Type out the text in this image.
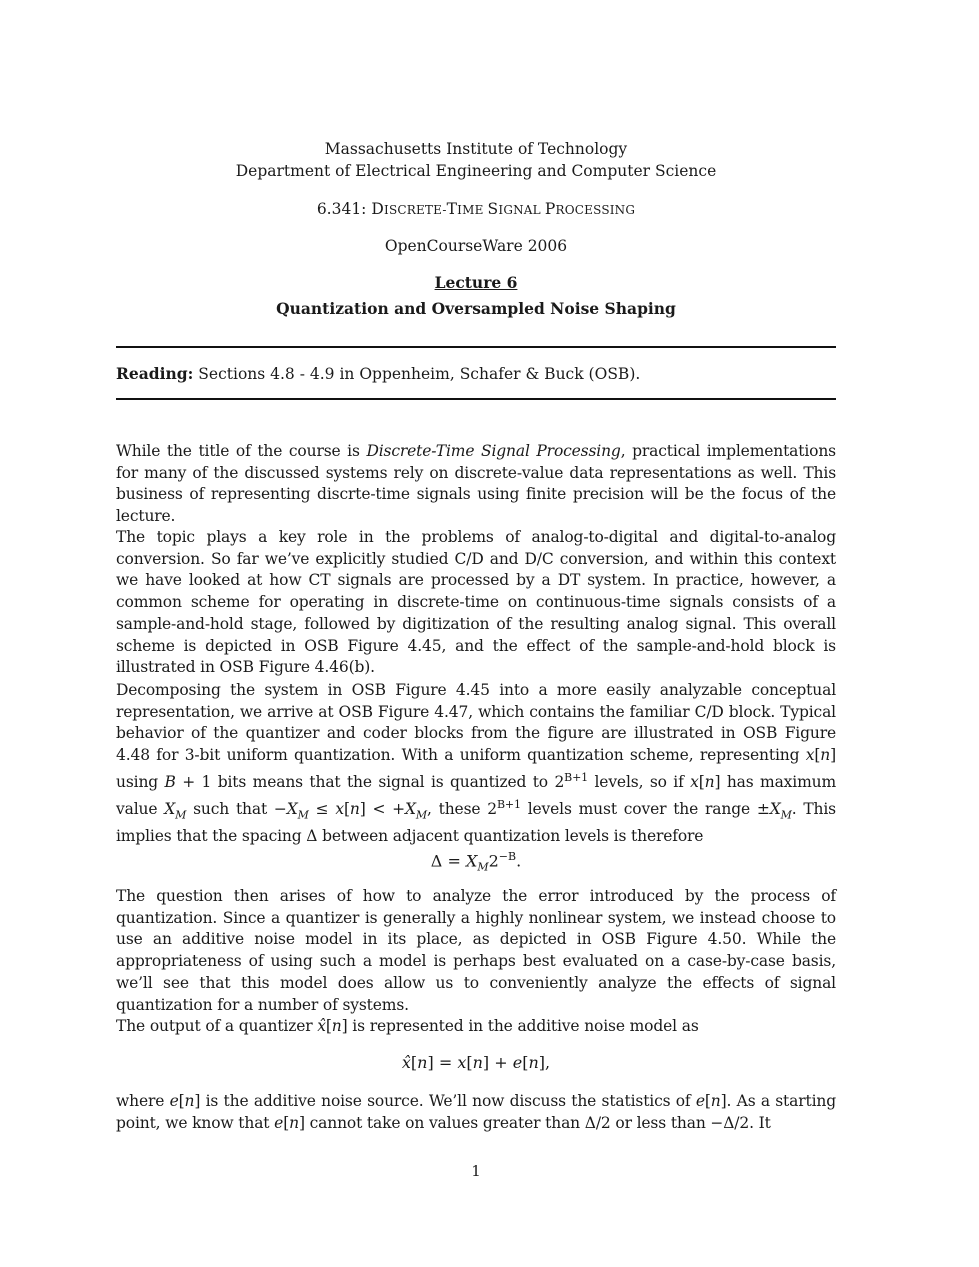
Massachusetts Institute of Technology
Department of Electrical Engineering and Computer Science
6.341: DISCRETE-TIME SIGNAL PROCESSING
OpenCourseWare 2006
Lecture 6
Quantization and Oversampled Noise Shaping
Reading: Sections 4.8 - 4.9 in Oppenheim, Schafer & Buck (OSB).

While the title of the course is Discrete-Time Signal Processing, practical implementations for many of the discussed systems rely on discrete-value data representations as well. This business of representing discrte-time signals using finite precision will be the focus of the lecture.

The topic plays a key role in the problems of analog-to-digital and digital-to-analog conversion. So far we’ve explicitly studied C/D and D/C conversion, and within this context we have looked at how CT signals are processed by a DT system. In practice, however, a common scheme for operating in discrete-time on continuous-time signals consists of a sample-and-hold stage, followed by digitization of the resulting analog signal. This overall scheme is depicted in OSB Figure 4.45, and the effect of the sample-and-hold block is illustrated in OSB Figure 4.46(b).

Decomposing the system in OSB Figure 4.45 into a more easily analyzable conceptual representation, we arrive at OSB Figure 4.47, which contains the familiar C/D block. Typical behavior of the quantizer and coder blocks from the figure are illustrated in OSB Figure 4.48 for 3-bit uniform quantization. With a uniform quantization scheme, representing x[n] using B + 1 bits means that the signal is quantized to $2^{B+1}$ levels, so if x[n] has maximum value $X_M$ such that $-X_M \le x[n] < +X_M$, these $2^{B+1}$ levels must cover the range $\pm X_M$. This implies that the spacing Δ between adjacent quantization levels is therefore

$\Delta = X_M2^{-B}$.

The question then arises of how to analyze the error introduced by the process of quantization. Since a quantizer is generally a highly nonlinear system, we instead choose to use an additive noise model in its place, as depicted in OSB Figure 4.50. While the appropriateness of using such a model is perhaps best evaluated on a case-by-case basis, we’ll see that this model does allow us to conveniently analyze the effects of signal quantization for a number of systems.

The output of a quantizer x̂[n] is represented in the additive noise model as

x̂[n] = x[n] + e[n],

where e[n] is the additive noise source. We’ll now discuss the statistics of e[n]. As a starting point, we know that e[n] cannot take on values greater than Δ/2 or less than −Δ/2. It

1
